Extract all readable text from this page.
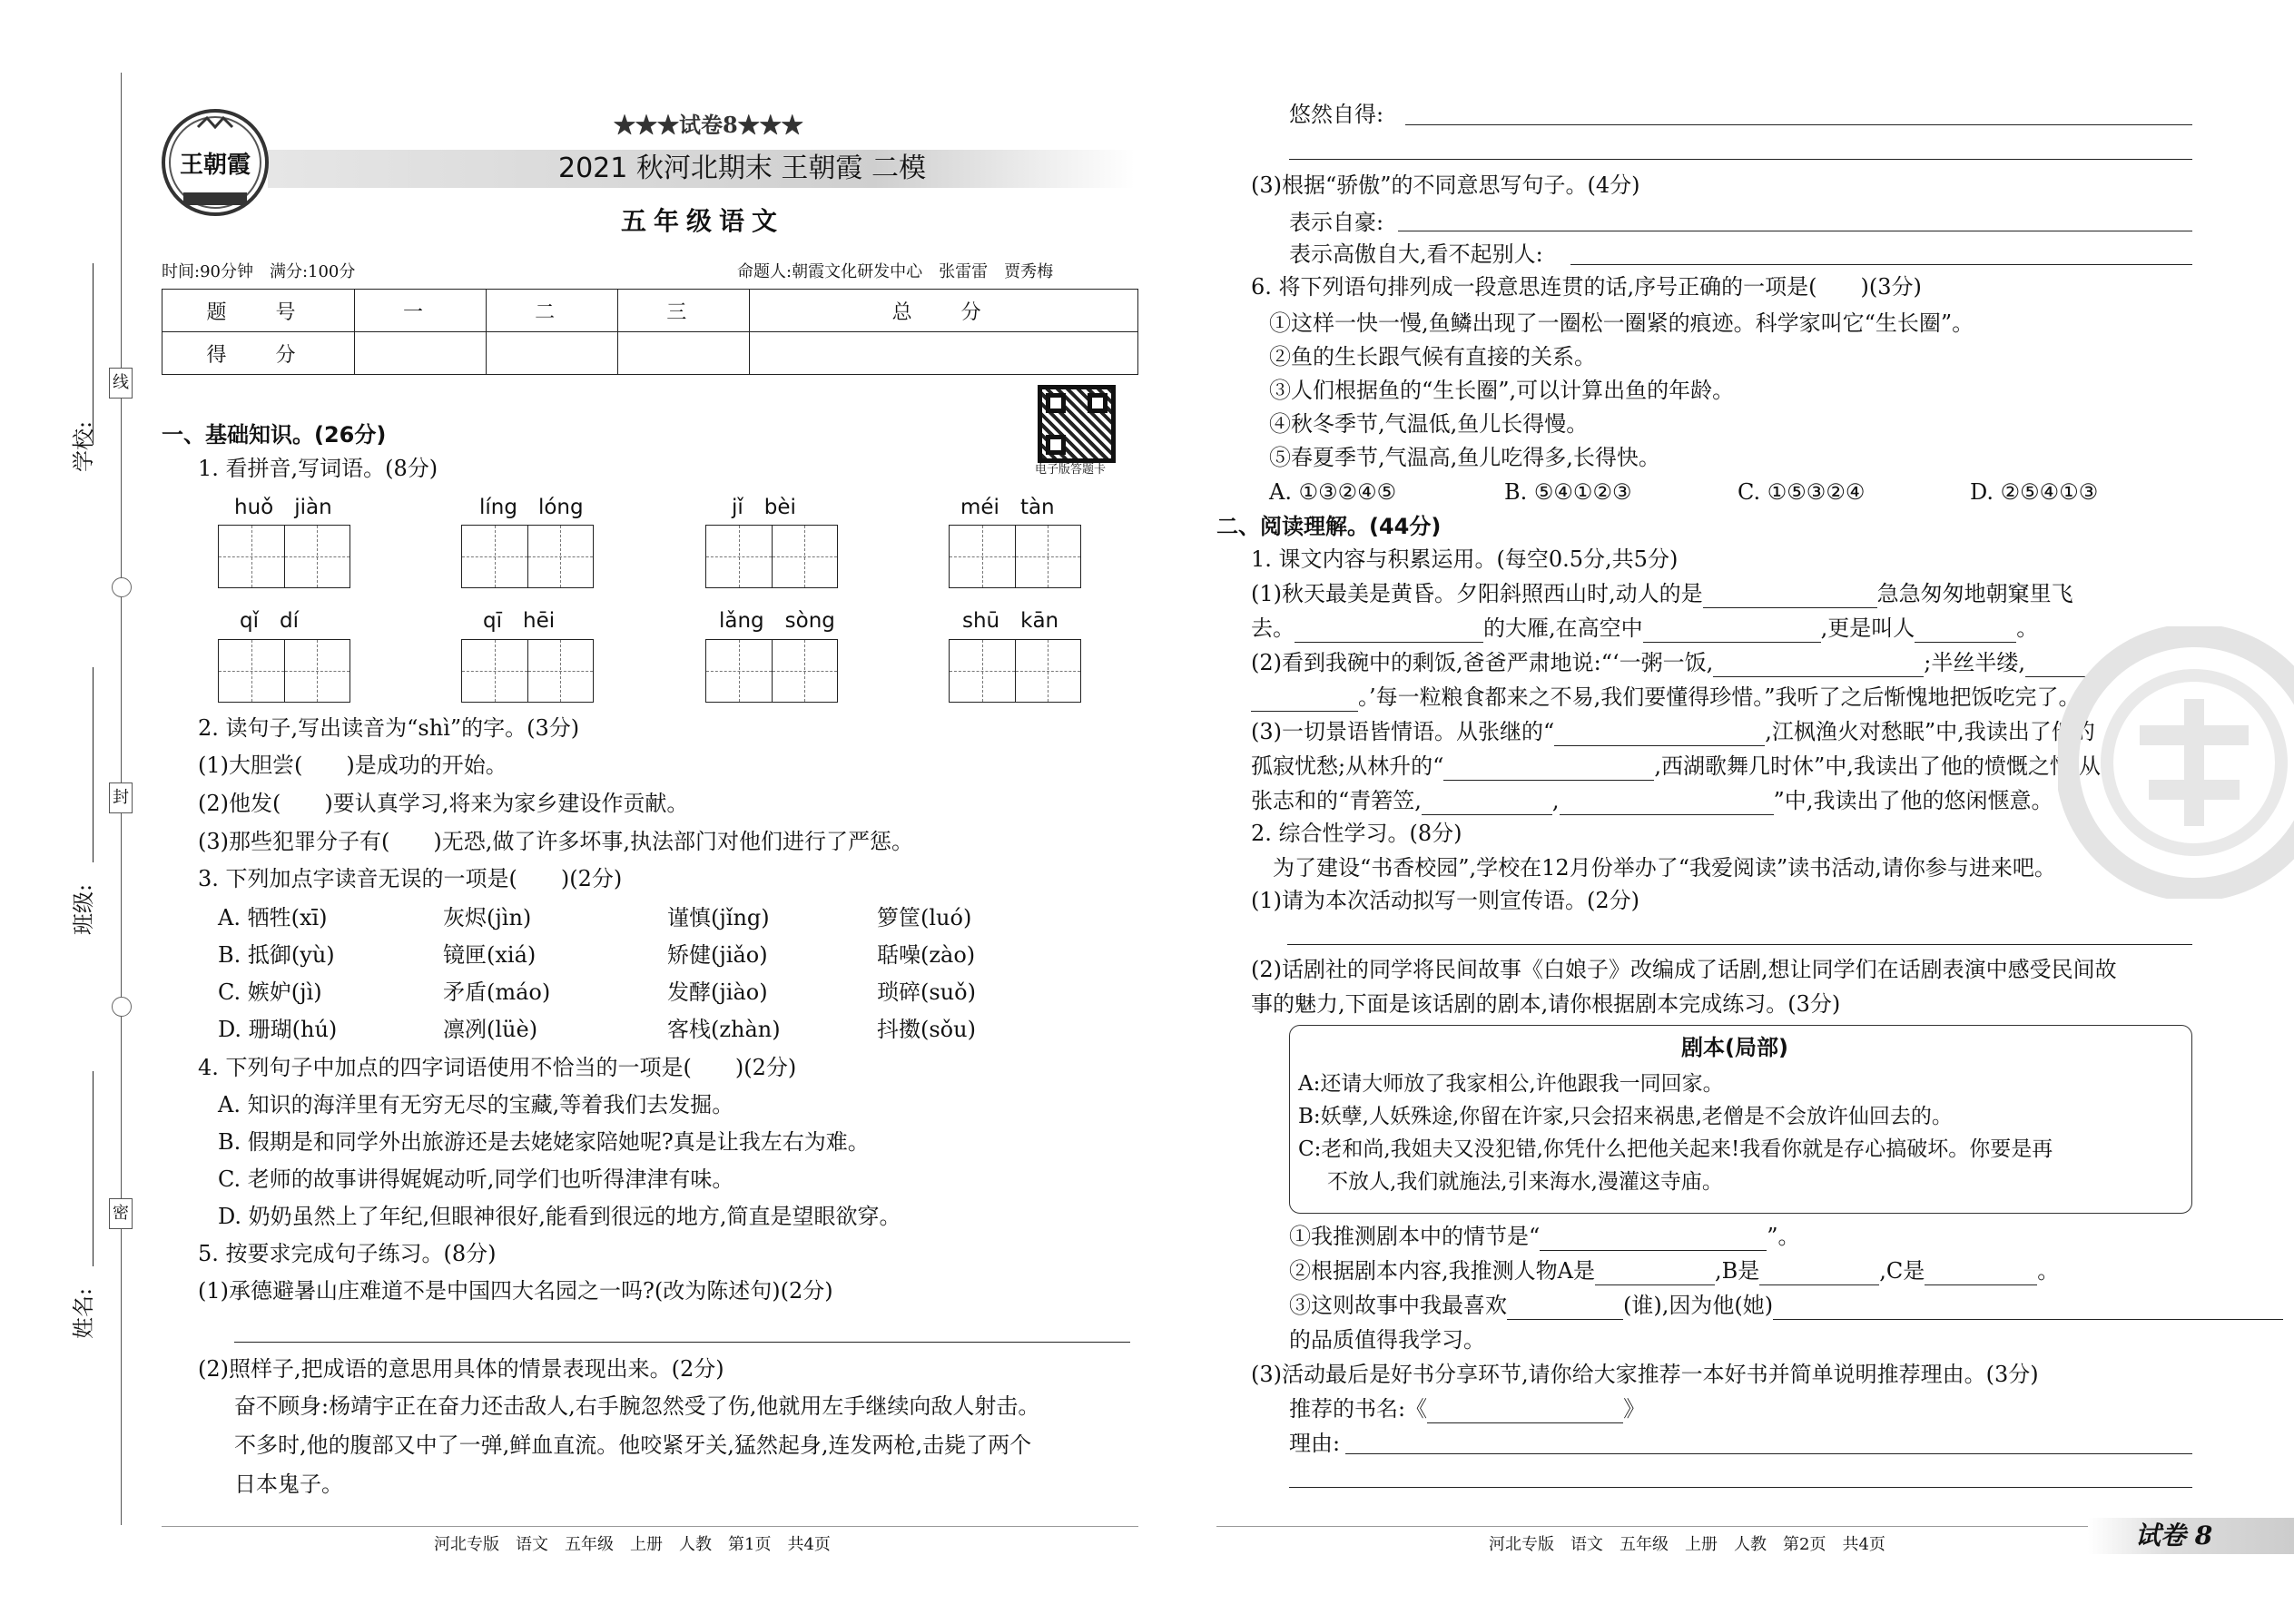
线
封
密
学校:
班级:
姓名:
王朝霞
★★★试卷8★★★
2021 秋河北期末 王朝霞 二模
五年级语文
时间:90分钟　满分:100分	命题人:朝霞文化研发中心　张雷雷　贾秀梅
题　号	一	二	三	总　分
得　分				
电子版答题卡
一、基础知识。(26分)
1. 看拼音,写词语。(8分)
huǒ　jiàn	líng　lóng	jǐ　bèi	méi　tàn
qǐ　dí	qī　hēi	lǎng　sòng	shū　kān
2. 读句子,写出读音为“shì”的字。(3分)
(1)大胆尝(　　)是成功的开始。
(2)他发(　　)要认真学习,将来为家乡建设作贡献。
(3)那些犯罪分子有(　　)无恐,做了许多坏事,执法部门对他们进行了严惩。
3. 下列加点字读音无误的一项是(　　)(2分)
A. 牺牲(xī)	灰烬(jìn)	谨慎(jǐng)	箩筐(luó)
B. 抵御(yù)	镜匣(xiá)	矫健(jiǎo)	聒噪(zào)
C. 嫉妒(jì)	矛盾(máo)	发酵(jiào)	琐碎(suǒ)
D. 珊瑚(hú)	凛冽(lüè)	客栈(zhàn)	抖擞(sǒu)
4. 下列句子中加点的四字词语使用不恰当的一项是(　　)(2分)
A. 知识的海洋里有无穷无尽的宝藏,等着我们去发掘。
B. 假期是和同学外出旅游还是去姥姥家陪她呢?真是让我左右为难。
C. 老师的故事讲得娓娓动听,同学们也听得津津有味。
D. 奶奶虽然上了年纪,但眼神很好,能看到很远的地方,简直是望眼欲穿。
5. 按要求完成句子练习。(8分)
(1)承德避暑山庄难道不是中国四大名园之一吗?(改为陈述句)(2分)
(2)照样子,把成语的意思用具体的情景表现出来。(2分)
奋不顾身:杨靖宇正在奋力还击敌人,右手腕忽然受了伤,他就用左手继续向敌人射击。
不多时,他的腹部又中了一弹,鲜血直流。他咬紧牙关,猛然起身,连发两枪,击毙了两个
日本鬼子。
河北专版　语文　五年级　上册　人教　第1页　共4页
悠然自得:
(3)根据“骄傲”的不同意思写句子。(4分)
表示自豪:
表示高傲自大,看不起别人:
6. 将下列语句排列成一段意思连贯的话,序号正确的一项是(　　)(3分)
①这样一快一慢,鱼鳞出现了一圈松一圈紧的痕迹。科学家叫它“生长圈”。
②鱼的生长跟气候有直接的关系。
③人们根据鱼的“生长圈”,可以计算出鱼的年龄。
④秋冬季节,气温低,鱼儿长得慢。
⑤春夏季节,气温高,鱼儿吃得多,长得快。
A. ①③②④⑤	B. ⑤④①②③	C. ①⑤③②④	D. ②⑤④①③
二、阅读理解。(44分)
1. 课文内容与积累运用。(每空0.5分,共5分)
(1)秋天最美是黄昏。夕阳斜照西山时,动人的是	急急匆匆地朝窠里飞
去。	的大雁,在高空中	,更是叫人	。
(2)看到我碗中的剩饭,爸爸严肃地说:“‘一粥一饭,	;半丝半缕,
。’每一粒粮食都来之不易,我们要懂得珍惜。”我听了之后惭愧地把饭吃完了。
(3)一切景语皆情语。从张继的“	,江枫渔火对愁眠”中,我读出了他的
孤寂忧愁;从林升的“	,西湖歌舞几时休”中,我读出了他的愤慨之情;从
张志和的“青箬笠,	,	”中,我读出了他的悠闲惬意。
2. 综合性学习。(8分)
为了建设“书香校园”,学校在12月份举办了“我爱阅读”读书活动,请你参与进来吧。
(1)请为本次活动拟写一则宣传语。(2分)
(2)话剧社的同学将民间故事《白娘子》改编成了话剧,想让同学们在话剧表演中感受民间故
事的魅力,下面是该话剧的剧本,请你根据剧本完成练习。(3分)
剧本(局部)
A:还请大师放了我家相公,许他跟我一同回家。
B:妖孽,人妖殊途,你留在许家,只会招来祸患,老僧是不会放许仙回去的。
C:老和尚,我姐夫又没犯错,你凭什么把他关起来!我看你就是存心搞破坏。你要是再
不放人,我们就施法,引来海水,漫灌这寺庙。
①我推测剧本中的情节是“	”。
②根据剧本内容,我推测人物A是	,B是	,C是	。
③这则故事中我最喜欢	(谁),因为他(她)
的品质值得我学习。
(3)活动最后是好书分享环节,请你给大家推荐一本好书并简单说明推荐理由。(3分)
推荐的书名:《	》
理由:
河北专版　语文　五年级　上册　人教　第2页　共4页	试卷 8
